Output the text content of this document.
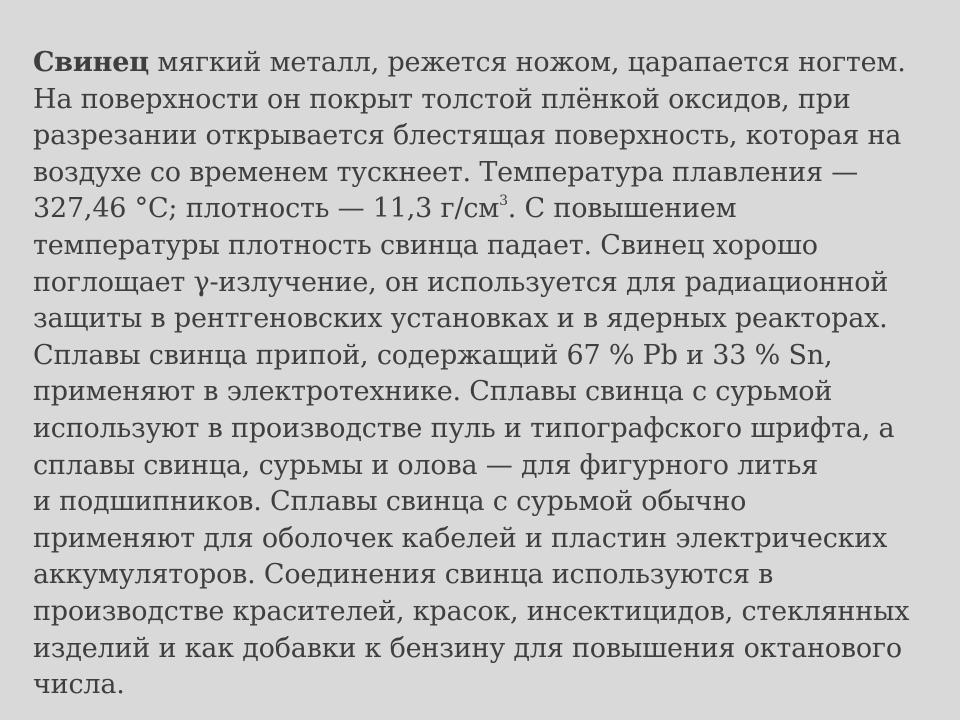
Свинец мягкий металл, режется ножом, царапается ногтем.
На поверхности он покрыт толстой плёнкой оксидов, при
разрезании открывается блестящая поверхность, которая на
воздухе со временем тускнеет. Температура плавления —
327,46 °С; плотность — 11,3 $г/см^3$. С повышением
температуры плотность свинца падает. Свинец хорошо
поглощает γ-излучение, он используется для радиационной
защиты в рентгеновских установках и в ядерных реакторах.
Сплавы свинца припой, содержащий 67 % Pb и 33 % Sn,
применяют в электротехнике. Сплавы свинца с сурьмой
используют в производстве пуль и типографского шрифта, а
сплавы свинца, сурьмы и олова — для фигурного литья
и подшипников. Сплавы свинца с сурьмой обычно
применяют для оболочек кабелей и пластин электрических
аккумуляторов. Соединения свинца используются в
производстве красителей, красок, инсектицидов, стеклянных
изделий и как добавки к бензину для повышения октанового
числа.
